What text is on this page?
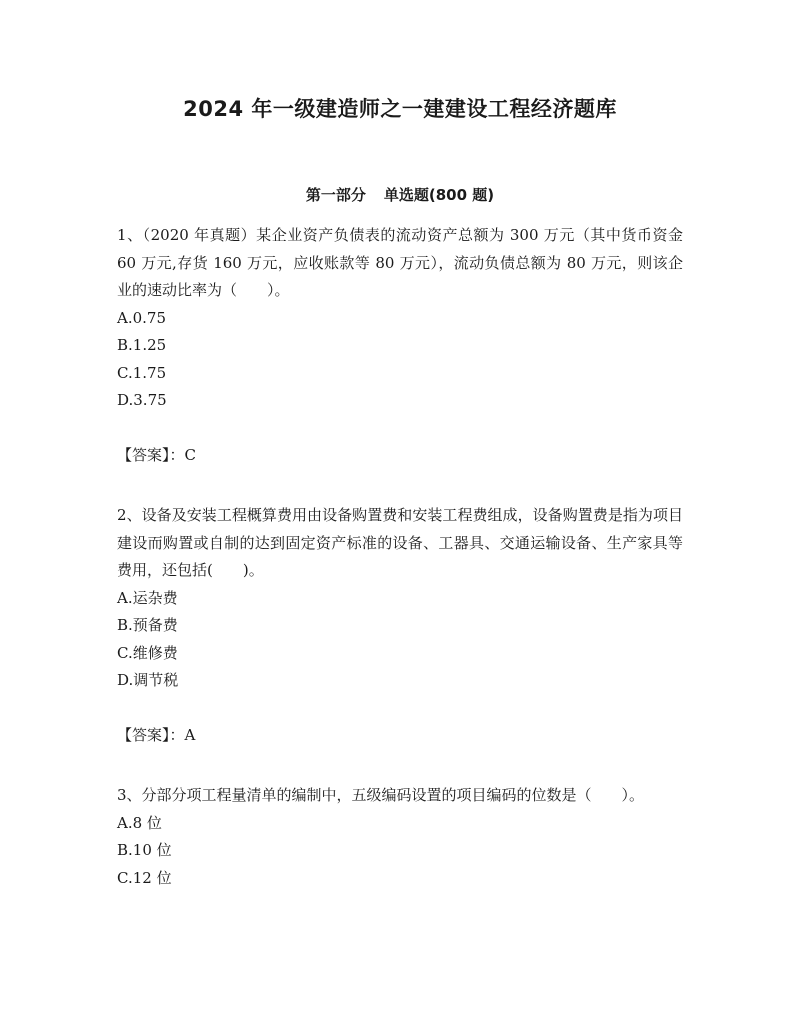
2024 年一级建造师之一建建设工程经济题库
第一部分 单选题(800 题)

1、（2020 年真题）某企业资产负债表的流动资产总额为 300 万元（其中货币资金 60 万元,存货 160 万元，应收账款等 80 万元），流动负债总额为 80 万元，则该企业的速动比率为（　　）。

A.0.75

B.1.25

C.1.75

D.3.75

【答案】：C

2、设备及安装工程概算费用由设备购置费和安装工程费组成，设备购置费是指为项目建设而购置或自制的达到固定资产标准的设备、工器具、交通运输设备、生产家具等费用，还包括(　　)。

A.运杂费

B.预备费

C.维修费

D.调节税

【答案】：A

3、分部分项工程量清单的编制中，五级编码设置的项目编码的位数是（　　）。

A.8 位

B.10 位

C.12 位
